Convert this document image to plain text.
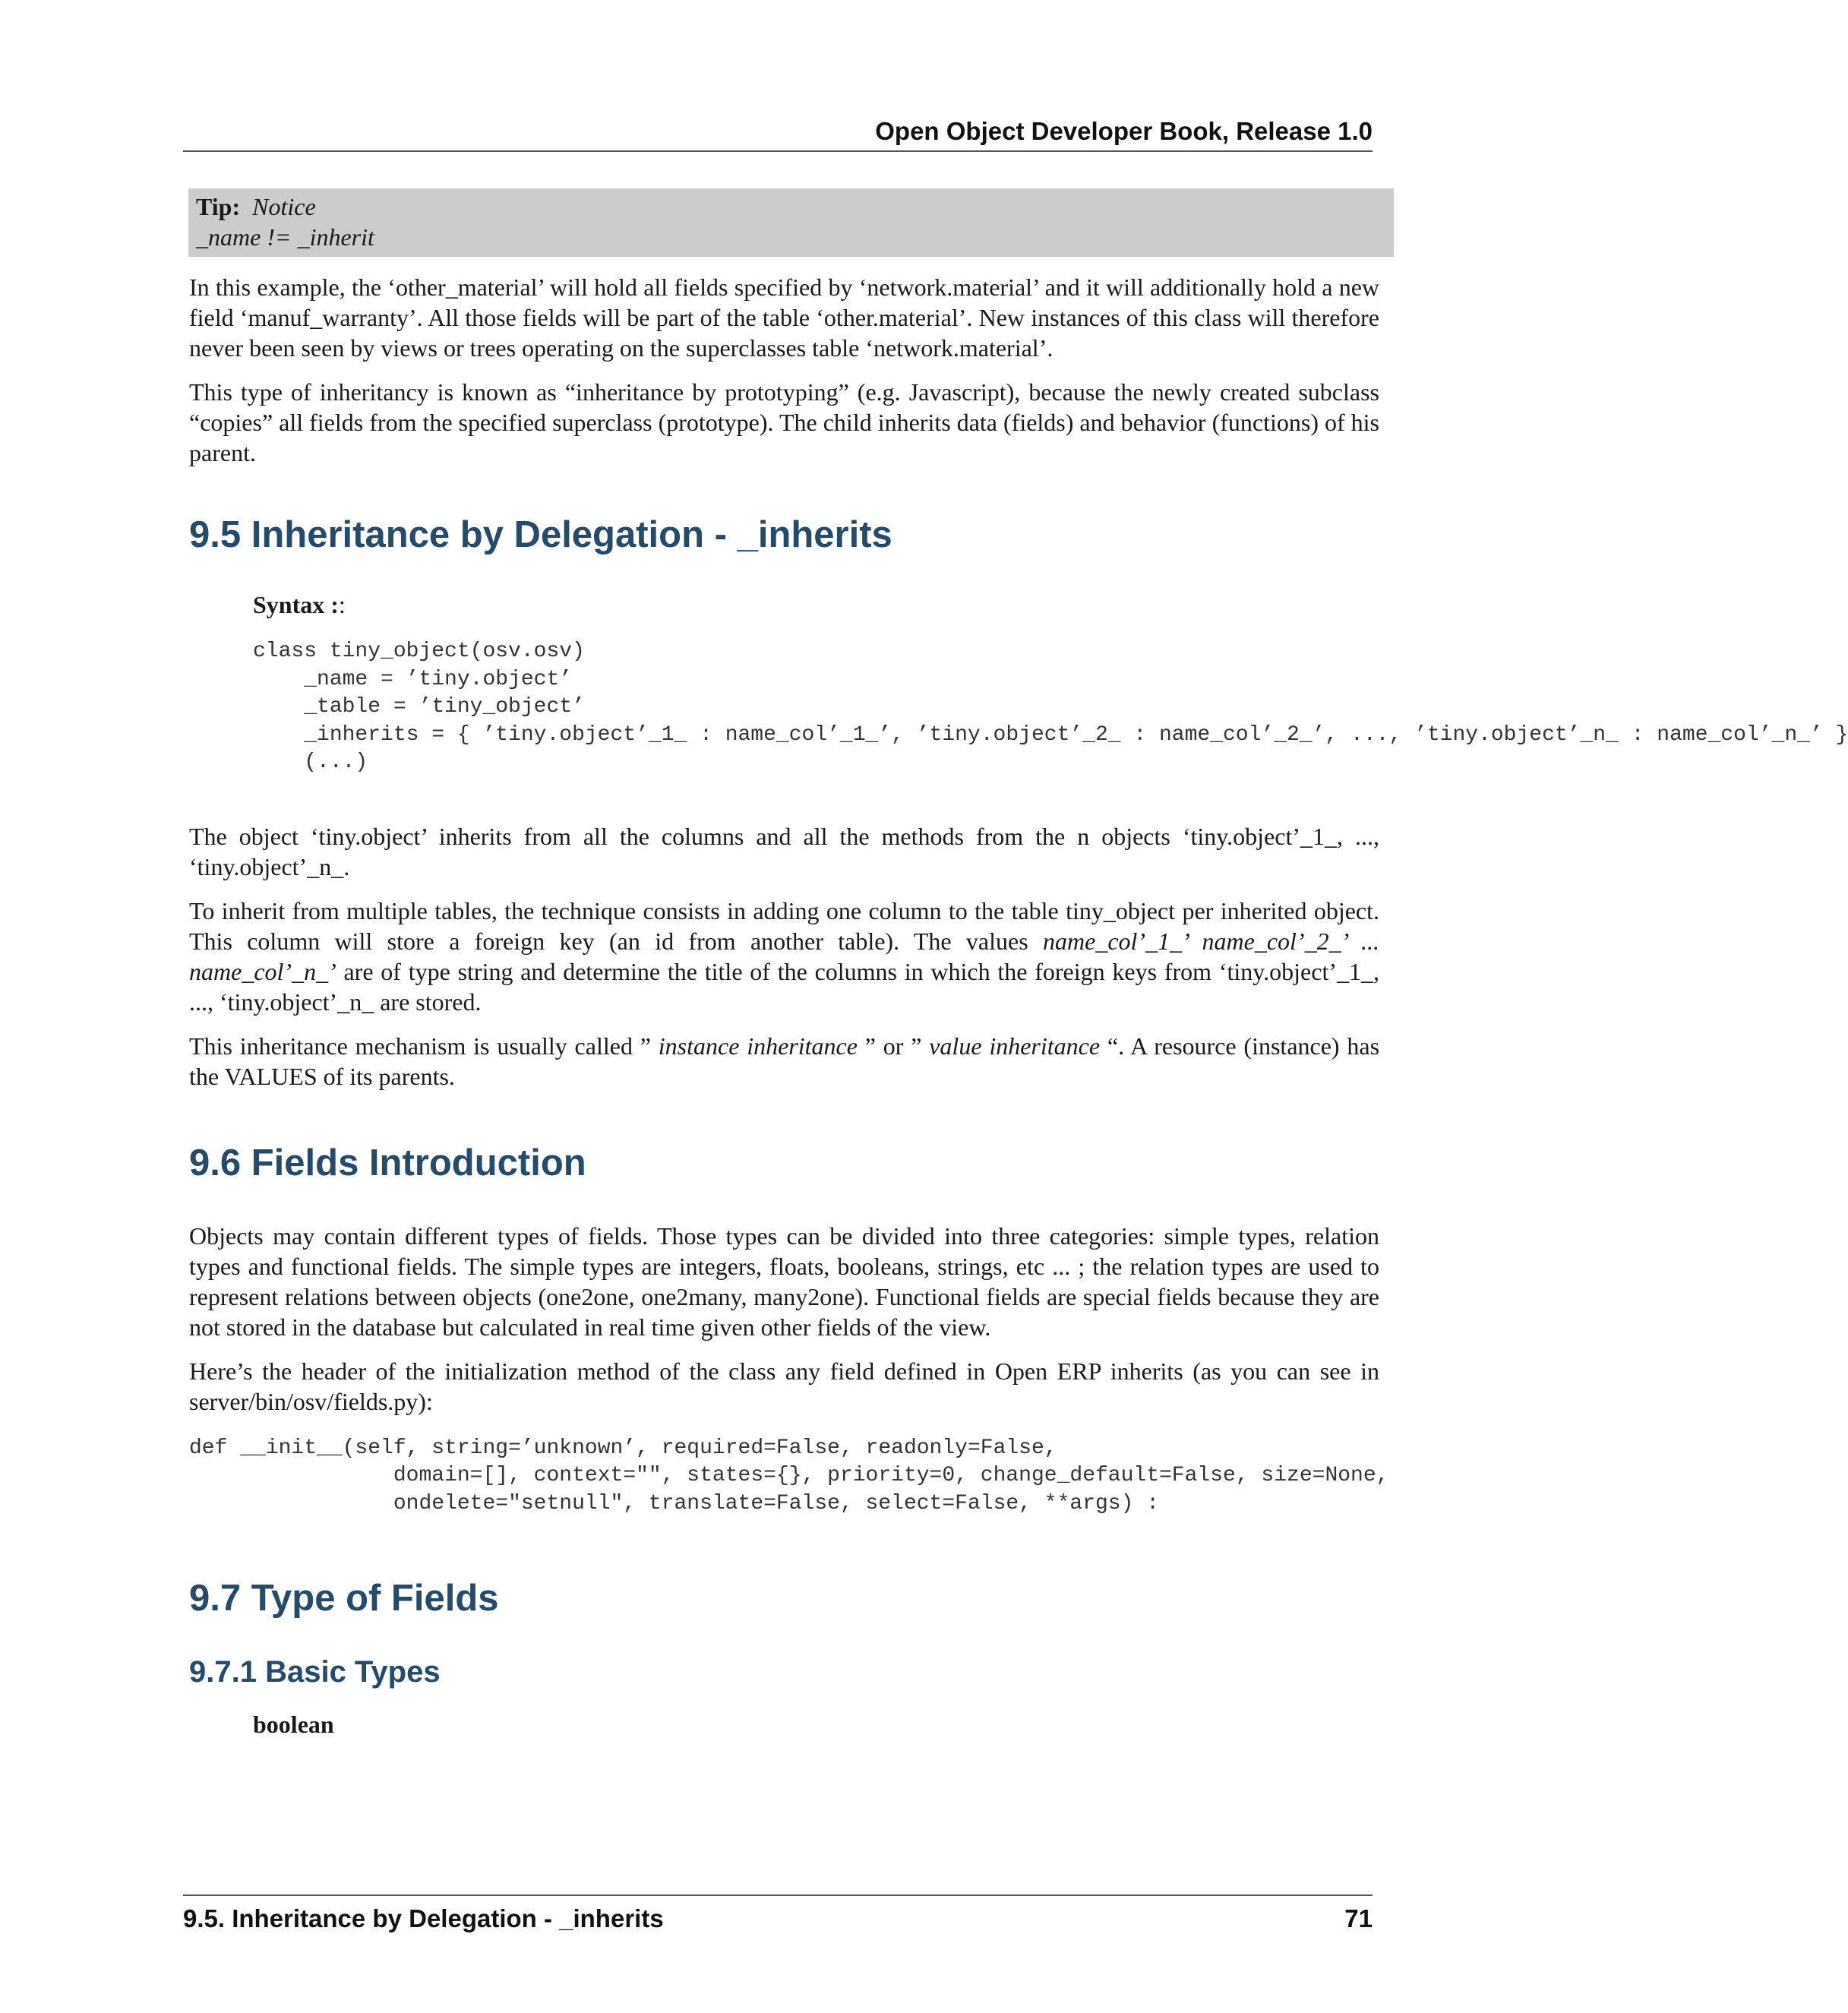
Open Object Developer Book, Release 1.0
Tip: Notice
_name != _inherit

In this example, the ‘other_material’ will hold all fields specified by ‘network.material’ and it will additionally hold a new field ‘manuf_warranty’. All those fields will be part of the table ‘other.material’. New instances of this class will therefore never been seen by views or trees operating on the superclasses table ‘network.material’.

This type of inheritancy is known as “inheritance by prototyping” (e.g. Javascript), because the newly created subclass “copies” all fields from the specified superclass (prototype). The child inherits data (fields) and behavior (functions) of his parent.

9.5 Inheritance by Delegation - _inherits
Syntax ::
class tiny_object(osv.osv)
_name = ’tiny.object’
_table = ’tiny_object’
_inherits = { ’tiny.object’_1_ : name_col’_1_’, ’tiny.object’_2_ : name_col’_2_’, ..., ’tiny.object’_n_ : name_col’_n_’ }
(...)

The object ‘tiny.object’ inherits from all the columns and all the methods from the n objects ‘tiny.object’_1_, ..., ‘tiny.object’_n_.

To inherit from multiple tables, the technique consists in adding one column to the table tiny_object per inherited object. This column will store a foreign key (an id from another table). The values name_col’_1_’ name_col’_2_’ ... name_col’_n_’ are of type string and determine the title of the columns in which the foreign keys from ‘tiny.object’_1_, ..., ‘tiny.object’_n_ are stored.

This inheritance mechanism is usually called ” instance inheritance ” or ” value inheritance “. A resource (instance) has the VALUES of its parents.

9.6 Fields Introduction

Objects may contain different types of fields. Those types can be divided into three categories: simple types, relation types and functional fields. The simple types are integers, floats, booleans, strings, etc ... ; the relation types are used to represent relations between objects (one2one, one2many, many2one). Functional fields are special fields because they are not stored in the database but calculated in real time given other fields of the view.

Here’s the header of the initialization method of the class any field defined in Open ERP inherits (as you can see in server/bin/osv/fields.py):

def __init__(self, string=’unknown’, required=False, readonly=False,
domain=[], context="", states={}, priority=0, change_default=False, size=None,
ondelete="setnull", translate=False, select=False, **args) :
9.7 Type of Fields
9.7.1 Basic Types
boolean
9.5. Inheritance by Delegation - _inherits	71
